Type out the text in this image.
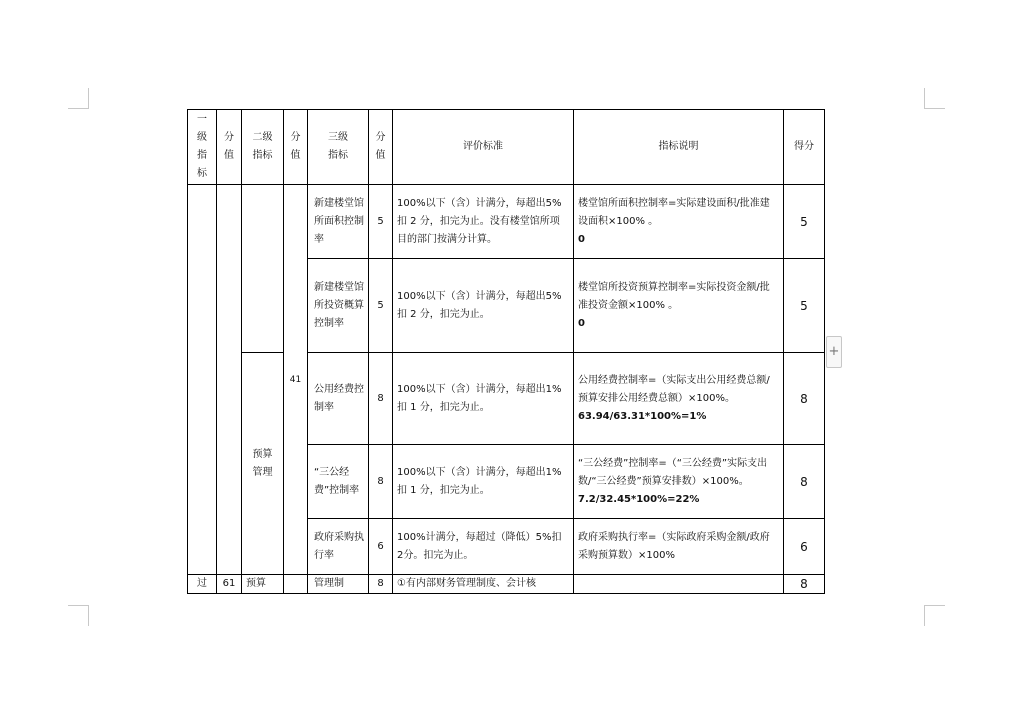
+
一级指标	分值	二级指标	分值	三级指标	分值	评价标准	指标说明	得分
			41	新建楼堂馆所面积控制率	5	100%以下（含）计满分，每超出5%扣 2 分，扣完为止。没有楼堂馆所项目的部门按满分计算。	楼堂馆所面积控制率=实际建设面积/批准建设面积×100% 。
0	5
				新建楼堂馆所投资概算控制率	5	100%以下（含）计满分，每超出5%扣 2 分，扣完为止。	楼堂馆所投资预算控制率=实际投资金额/批准投资金额×100% 。
0	5
		预算管理		公用经费控制率	8	100%以下（含）计满分，每超出1%扣 1 分，扣完为止。	公用经费控制率=（实际支出公用经费总额/预算安排公用经费总额）×100%。
63.94/63.31*100%=1%	8
				“三公经费”控制率	8	100%以下（含）计满分，每超出1%扣 1 分，扣完为止。	“三公经费”控制率=（“三公经费”实际支出数/“三公经费”预算安排数）×100%。
7.2/32.45*100%=22%	8
				政府采购执行率	6	100%计满分，每超过（降低）5%扣 2分。扣完为止。	政府采购执行率=（实际政府采购金额/政府采购预算数）×100%	6
过	61	预算		管理制	8	①有内部财务管理制度、会计核		8
